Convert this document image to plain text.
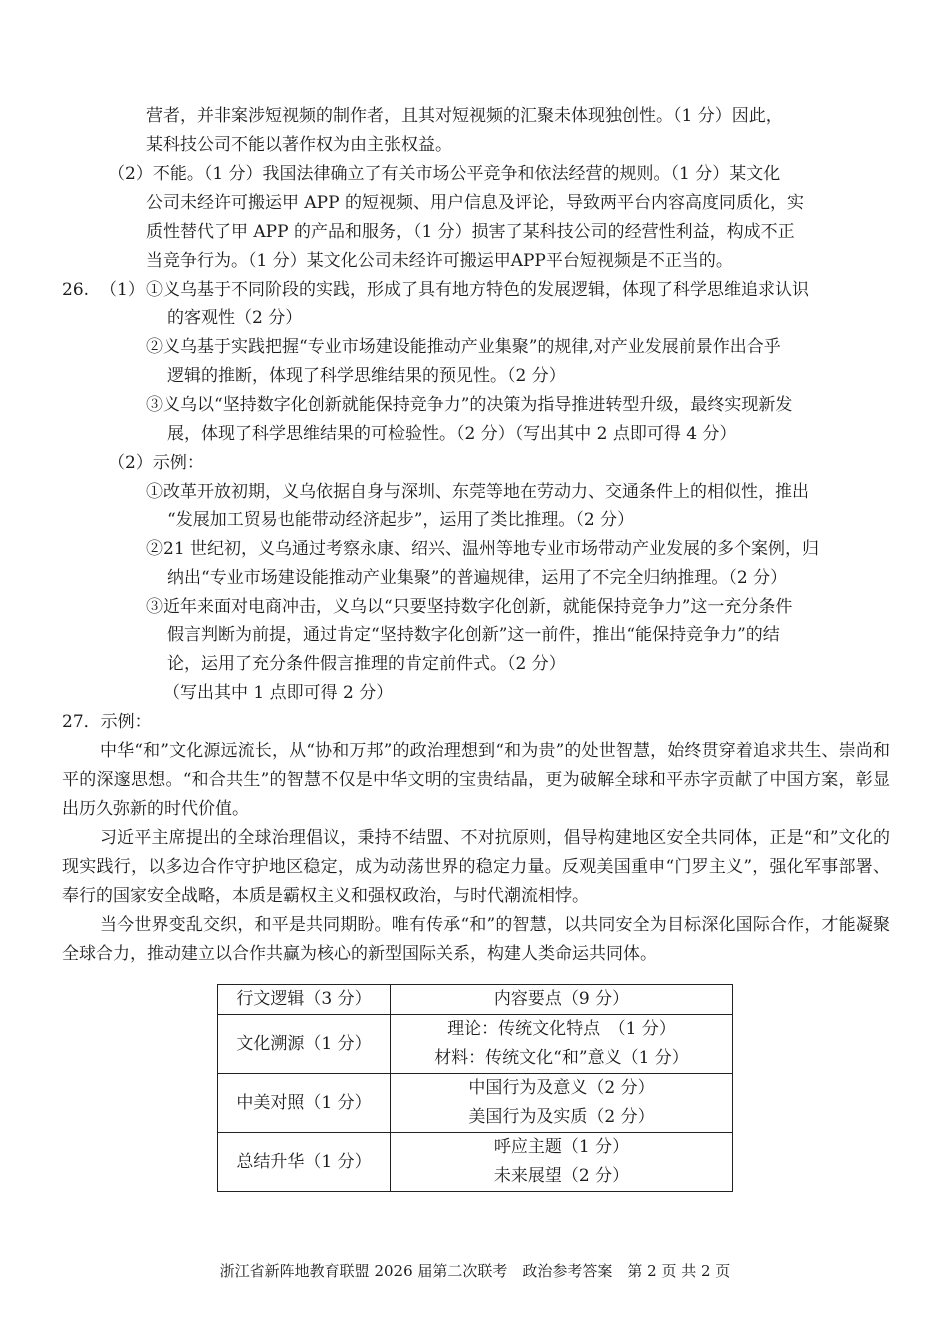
营者，并非案涉短视频的制作者，且其对短视频的汇聚未体现独创性。（1 分）因此，
某科技公司不能以著作权为由主张权益。
（2）不能。（1 分）我国法律确立了有关市场公平竞争和依法经营的规则。（1 分）某文化
公司未经许可搬运甲 APP 的短视频、用户信息及评论，导致两平台内容高度同质化，实
质性替代了甲 APP 的产品和服务，（1 分）损害了某科技公司的经营性利益，构成不正
当竞争行为。（1 分）某文化公司未经许可搬运甲APP平台短视频是不正当的。
26. （1） ①义乌基于不同阶段的实践，形成了具有地方特色的发展逻辑，体现了科学思维追求认识
的客观性（2 分）
②义乌基于实践把握“专业市场建设能推动产业集聚”的规律,对产业发展前景作出合乎
逻辑的推断，体现了科学思维结果的预见性。（2 分）
③义乌以“坚持数字化创新就能保持竞争力”的决策为指导推进转型升级，最终实现新发
展，体现了科学思维结果的可检验性。（2 分）（写出其中 2 点即可得 4 分）
（2）示例：
①改革开放初期，义乌依据自身与深圳、东莞等地在劳动力、交通条件上的相似性，推出
“发展加工贸易也能带动经济起步”，运用了类比推理。（2 分）
②21 世纪初，义乌通过考察永康、绍兴、温州等地专业市场带动产业发展的多个案例，归
纳出“专业市场建设能推动产业集聚”的普遍规律，运用了不完全归纳推理。（2 分）
③近年来面对电商冲击，义乌以“只要坚持数字化创新，就能保持竞争力”这一充分条件
假言判断为前提，通过肯定“坚持数字化创新”这一前件，推出“能保持竞争力”的结
论，运用了充分条件假言推理的肯定前件式。（2 分）
（写出其中 1 点即可得 2 分）
27．示例：
中华“和”文化源远流长，从“协和万邦”的政治理想到“和为贵”的处世智慧，始终贯穿着追求共生、崇尚和平的深邃思想。“和合共生”的智慧不仅是中华文明的宝贵结晶，更为破解全球和平赤字贡献了中国方案，彰显出历久弥新的时代价值。
习近平主席提出的全球治理倡议，秉持不结盟、不对抗原则，倡导构建地区安全共同体，正是“和”文化的现实践行，以多边合作守护地区稳定，成为动荡世界的稳定力量。反观美国重申“门罗主义”，强化军事部署、奉行的国家安全战略，本质是霸权主义和强权政治，与时代潮流相悖。
当今世界变乱交织，和平是共同期盼。唯有传承“和”的智慧，以共同安全为目标深化国际合作，才能凝聚全球合力，推动建立以合作共赢为核心的新型国际关系，构建人类命运共同体。
行文逻辑（3 分）	内容要点（9 分）
文化溯源（1 分）	理论：传统文化特点　（1 分）
材料：传统文化“和”意义（1 分）

中美对照（1 分）	中国行为及意义（2 分）
美国行为及实质（2 分）

总结升华（1 分）	呼应主题（1 分）
未来展望（2 分）
浙江省新阵地教育联盟 2026 届第二次联考　政治参考答案　第 2 页 共 2 页
